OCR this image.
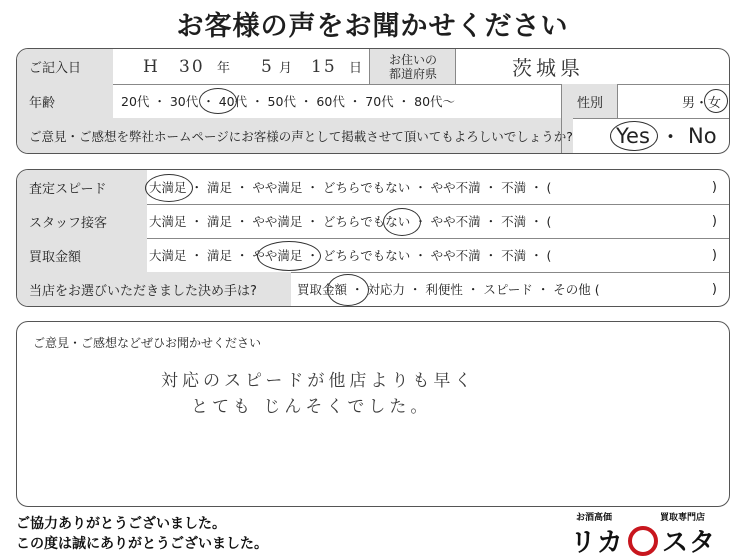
お客様の声をお聞かせください
ご記入日	H 30 年 5 月 15 日
お住いの
都道府県	茨城県
年齢	20代 ・ 30代 ・ 40代 ・ 50代 ・ 60代 ・ 70代 ・ 80代〜	性別	男・女
ご意見・ご感想を弊社ホームページにお客様の声として掲載させて頂いてもよろしいでしょうか? Yes ・ No
査定スピード	大満足 ・ 満足 ・ やや満足 ・ どちらでもない ・ やや不満 ・ 不満 ・ (	)
スタッフ接客	大満足 ・ 満足 ・ やや満足 ・ どちらでもない ・ やや不満 ・ 不満 ・ (	)
買取金額	大満足 ・ 満足 ・ やや満足 ・ どちらでもない ・ やや不満 ・ 不満 ・ (	)
当店をお選びいただきました決め手は?	買取金額 ・ 対応力 ・ 利便性 ・ スピード ・ その他 (	)
ご意見・ご感想などぜひお聞かせください
対応のスピードが他店よりも早く
とても じんそくでした。
ご協力ありがとうございました。
この度は誠にありがとうございました。
お酒高価	買取専門店
リカ スタ
